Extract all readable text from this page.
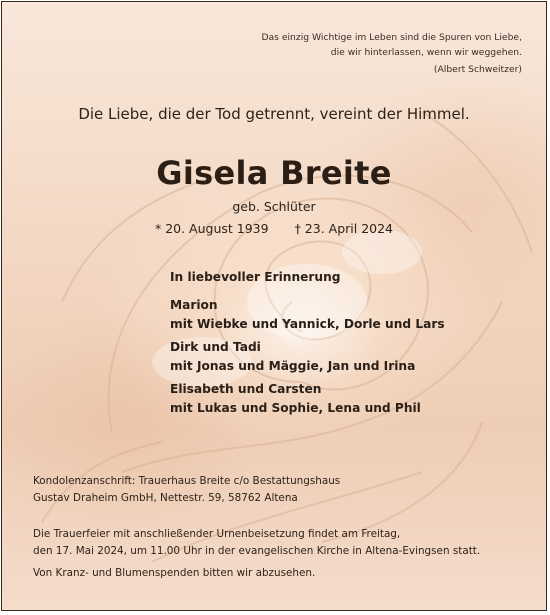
Das einzig Wichtige im Leben sind die Spuren von Liebe,
die wir hinterlassen, wenn wir weggehen.
(Albert Schweitzer)
Die Liebe, die der Tod getrennt, vereint der Himmel.
Gisela Breite
geb. Schlüter
* 20. August 1939 † 23. April 2024
In liebevoller Erinnerung
Marion
mit Wiebke und Yannick, Dorle und Lars
Dirk und Tadi
mit Jonas und Mäggie, Jan und Irina
Elisabeth und Carsten
mit Lukas und Sophie, Lena und Phil
Kondolenzanschrift: Trauerhaus Breite c/o Bestattungshaus
Gustav Draheim GmbH, Nettestr. 59, 58762 Altena
Die Trauerfeier mit anschließender Urnenbeisetzung findet am Freitag,
den 17. Mai 2024, um 11.00 Uhr in der evangelischen Kirche in Altena-Evingsen statt.
Von Kranz- und Blumenspenden bitten wir abzusehen.
